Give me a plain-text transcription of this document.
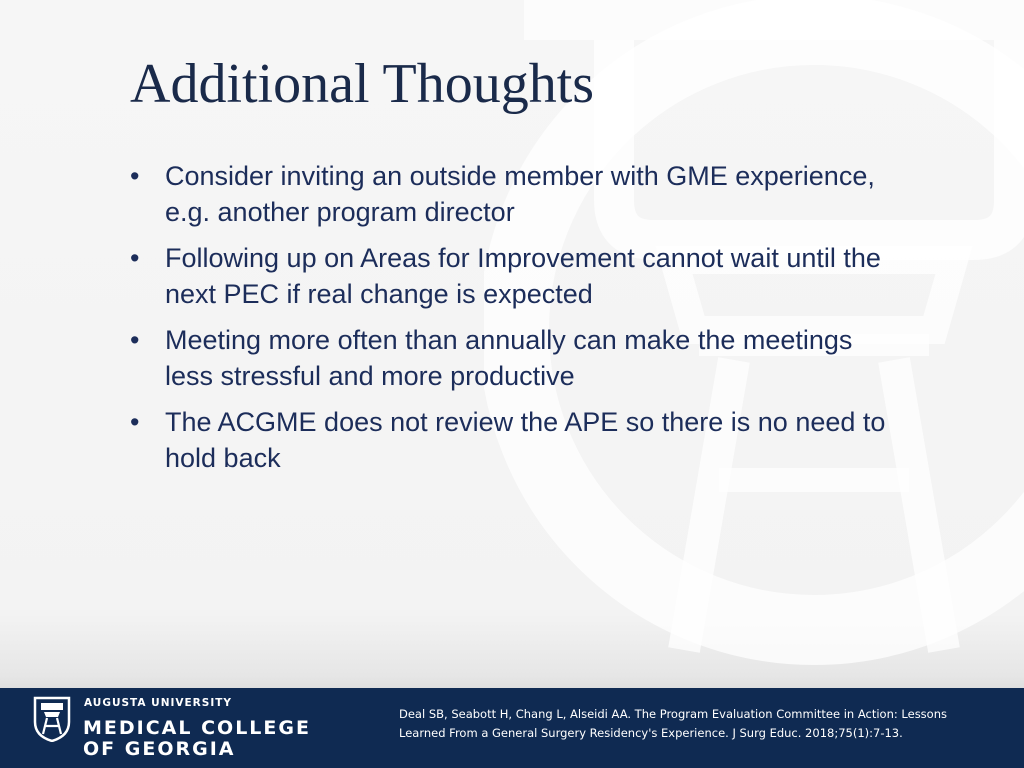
Additional Thoughts
• Consider inviting an outside member with GME experience, e.g. another program director
• Following up on Areas for Improvement cannot wait until the next PEC if real change is expected
• Meeting more often than annually can make the meetings less stressful and more productive
• The ACGME does not review the APE so there is no need to hold back
AUGUSTA UNIVERSITY
MEDICAL COLLEGE
OF GEORGIA
Deal SB, Seabott H, Chang L, Alseidi AA. The Program Evaluation Committee in Action: Lessons
Learned From a General Surgery Residency's Experience. J Surg Educ. 2018;75(1):7-13.
